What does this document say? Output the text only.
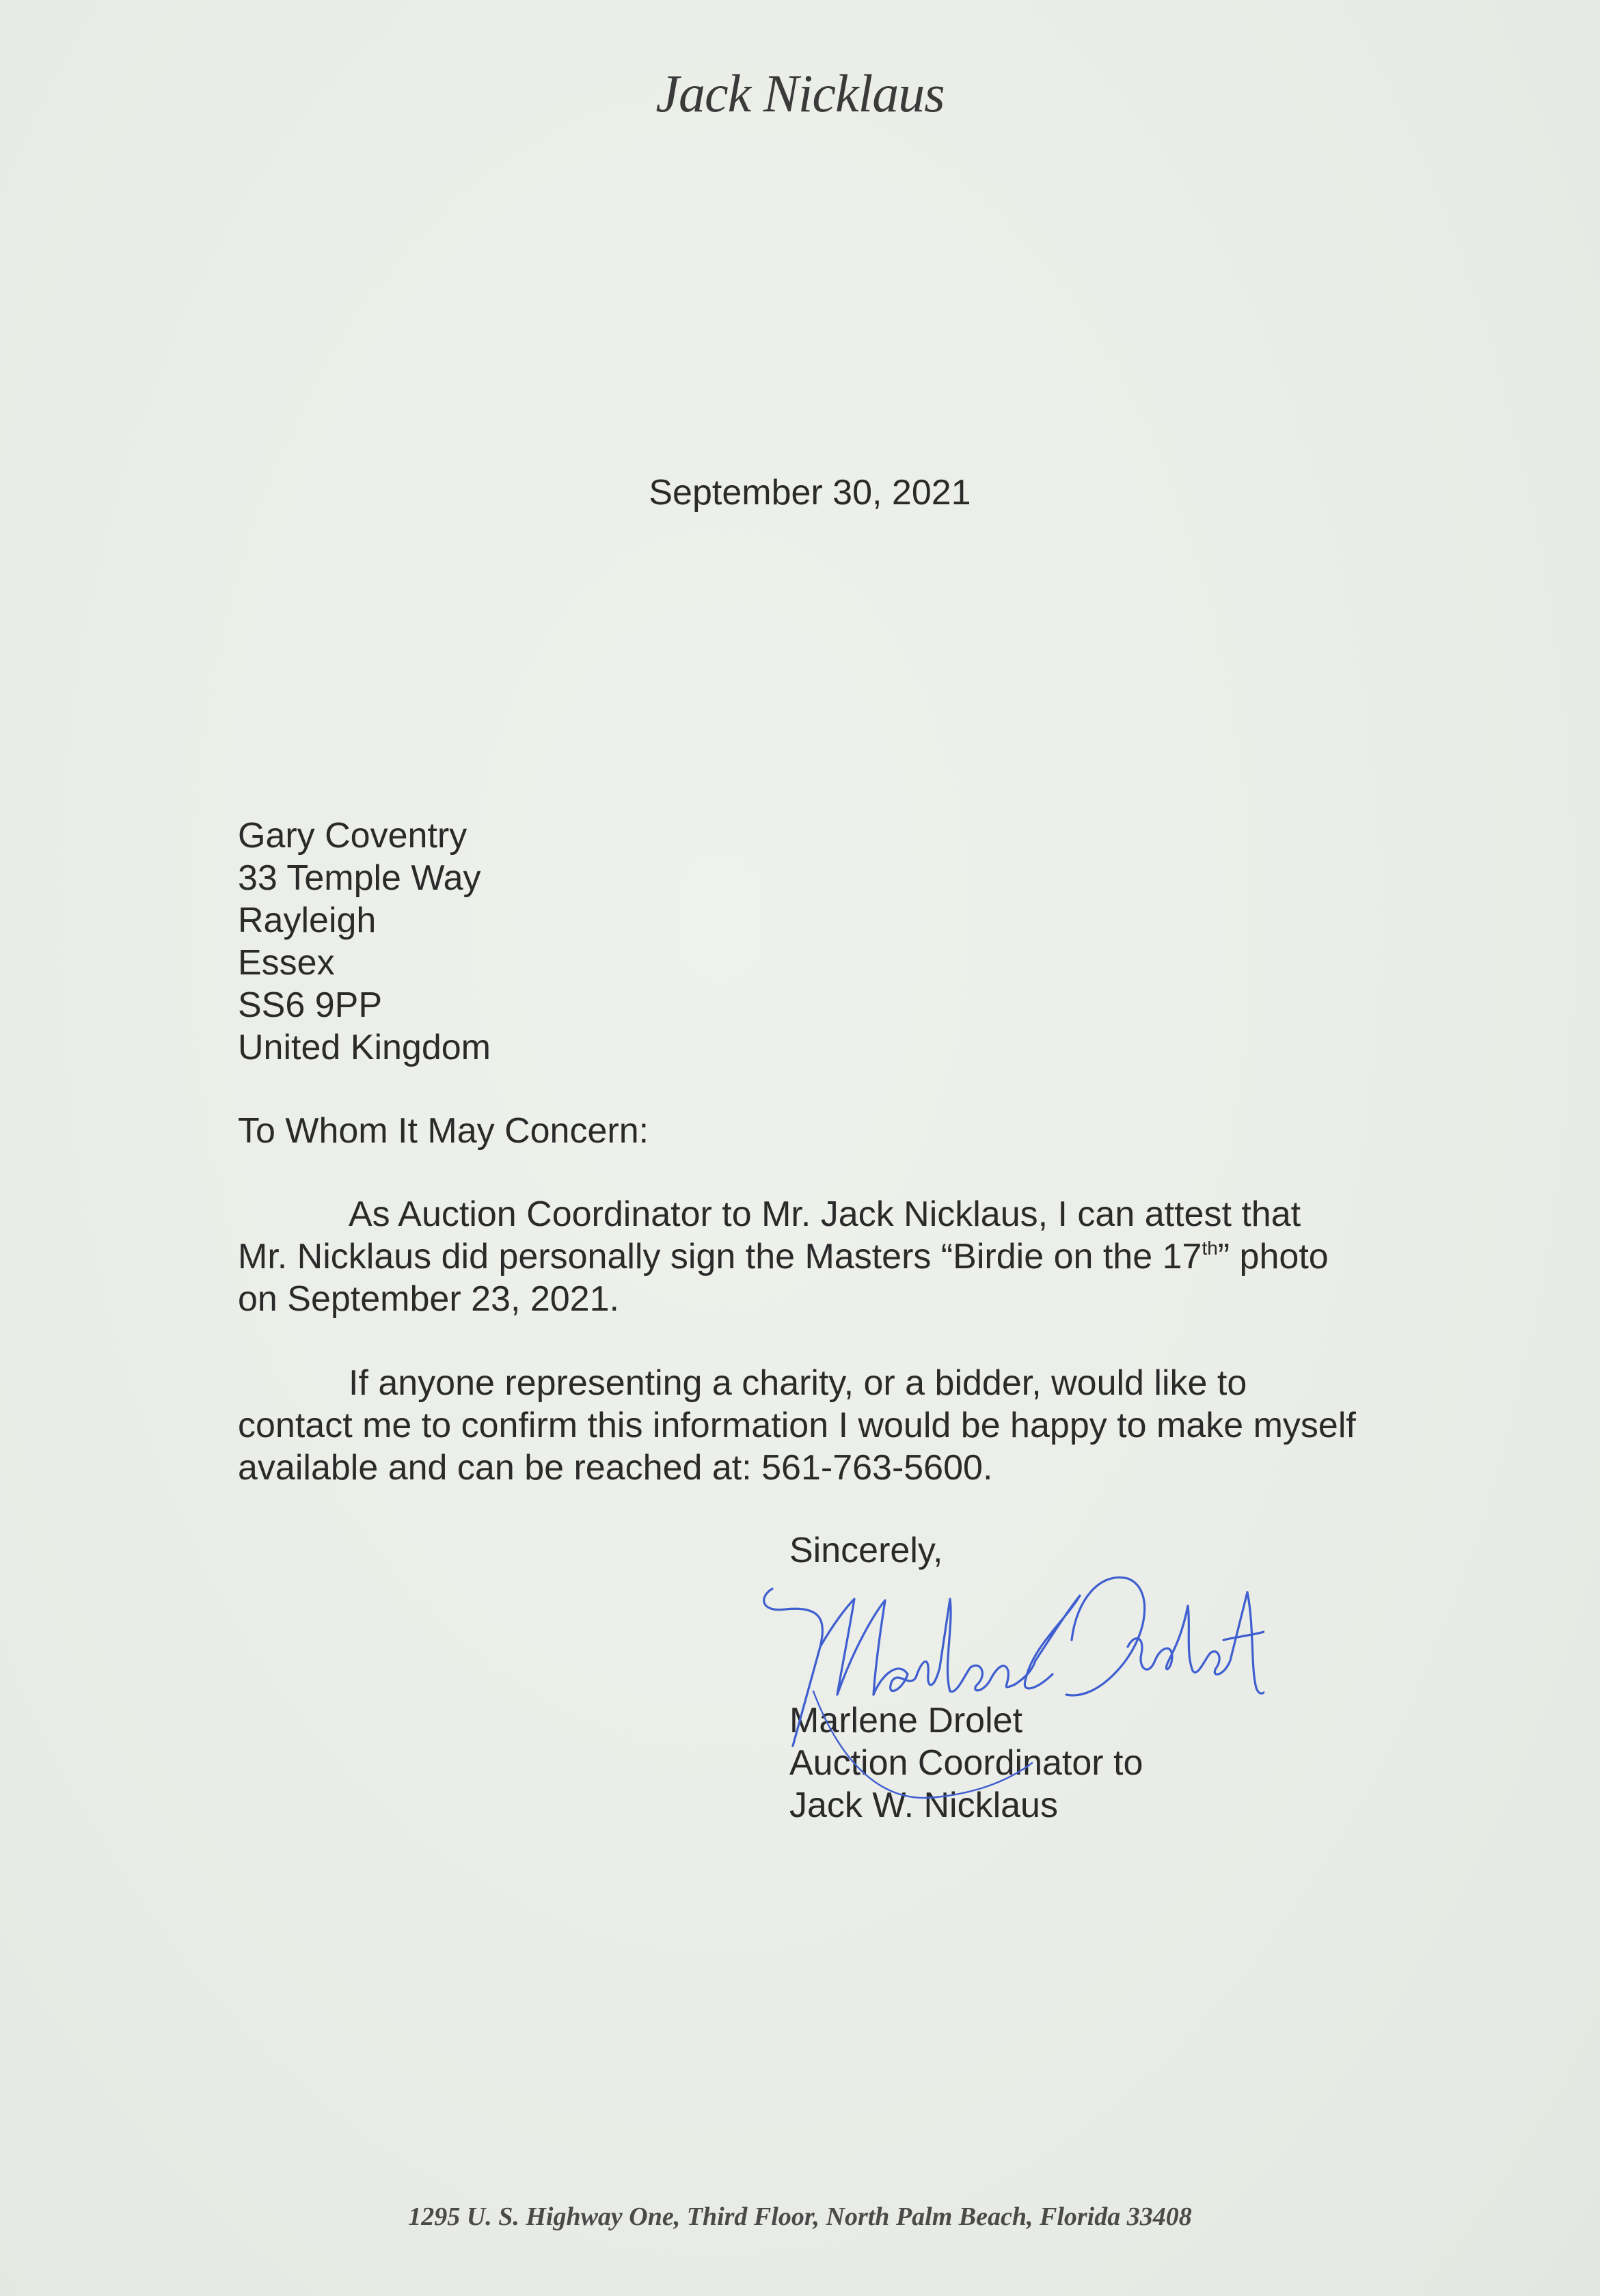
Jack Nicklaus
September 30, 2021
Gary Coventry
33 Temple Way
Rayleigh
Essex
SS6 9PP
United Kingdom
To Whom It May Concern:
As Auction Coordinator to Mr. Jack Nicklaus, I can attest that
Mr. Nicklaus did personally sign the Masters “Birdie on the 17th” photo
on September 23, 2021.
If anyone representing a charity, or a bidder, would like to
contact me to confirm this information I would be happy to make myself
available and can be reached at: 561-763-5600.
Sincerely,
Marlene Drolet
Auction Coordinator to
Jack W. Nicklaus
1295 U. S. Highway One, Third Floor, North Palm Beach, Florida 33408
